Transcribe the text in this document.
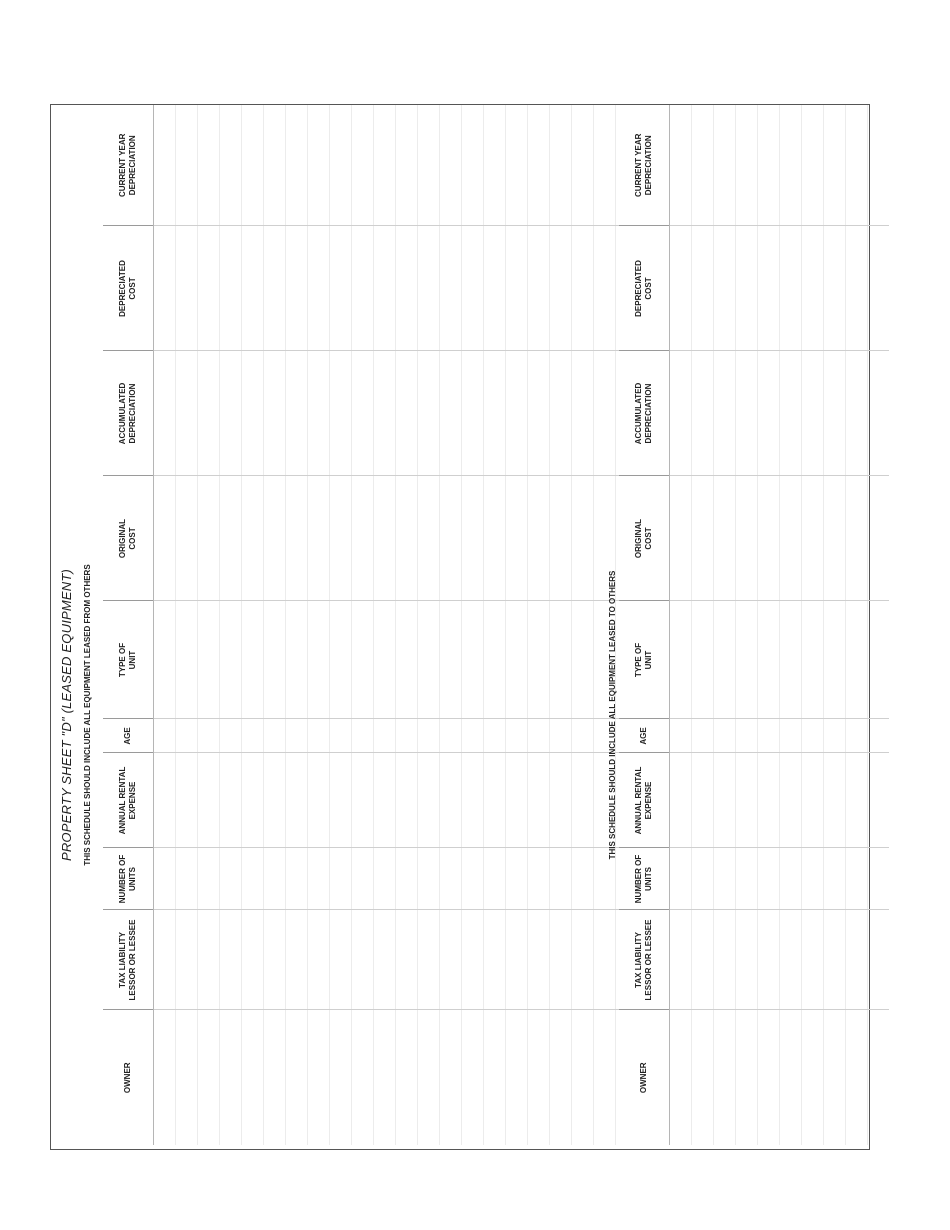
PROPERTY SHEET "D" (LEASED EQUIPMENT) THIS SCHEDULE SHOULD INCLUDE ALL EQUIPMENT LEASED FROM OTHERS
OWNER	TAX LIABILITY LESSOR OR LESSEE	NUMBER OF UNITS	ANNUAL RENTAL EXPENSE	AGE	TYPE OF UNIT	ORIGINAL COST	ACCUMULATED DEPRECIATION	DEPRECIATED COST	CURRENT YEAR DEPRECIATION

THIS SCHEDULE SHOULD INCLUDE ALL EQUIPMENT LEASED TO OTHERS
OWNER	TAX LIABILITY LESSOR OR LESSEE	NUMBER OF UNITS	ANNUAL RENTAL EXPENSE	AGE	TYPE OF UNIT	ORIGINAL COST	ACCUMULATED DEPRECIATION	DEPRECIATED COST	CURRENT YEAR DEPRECIATION
